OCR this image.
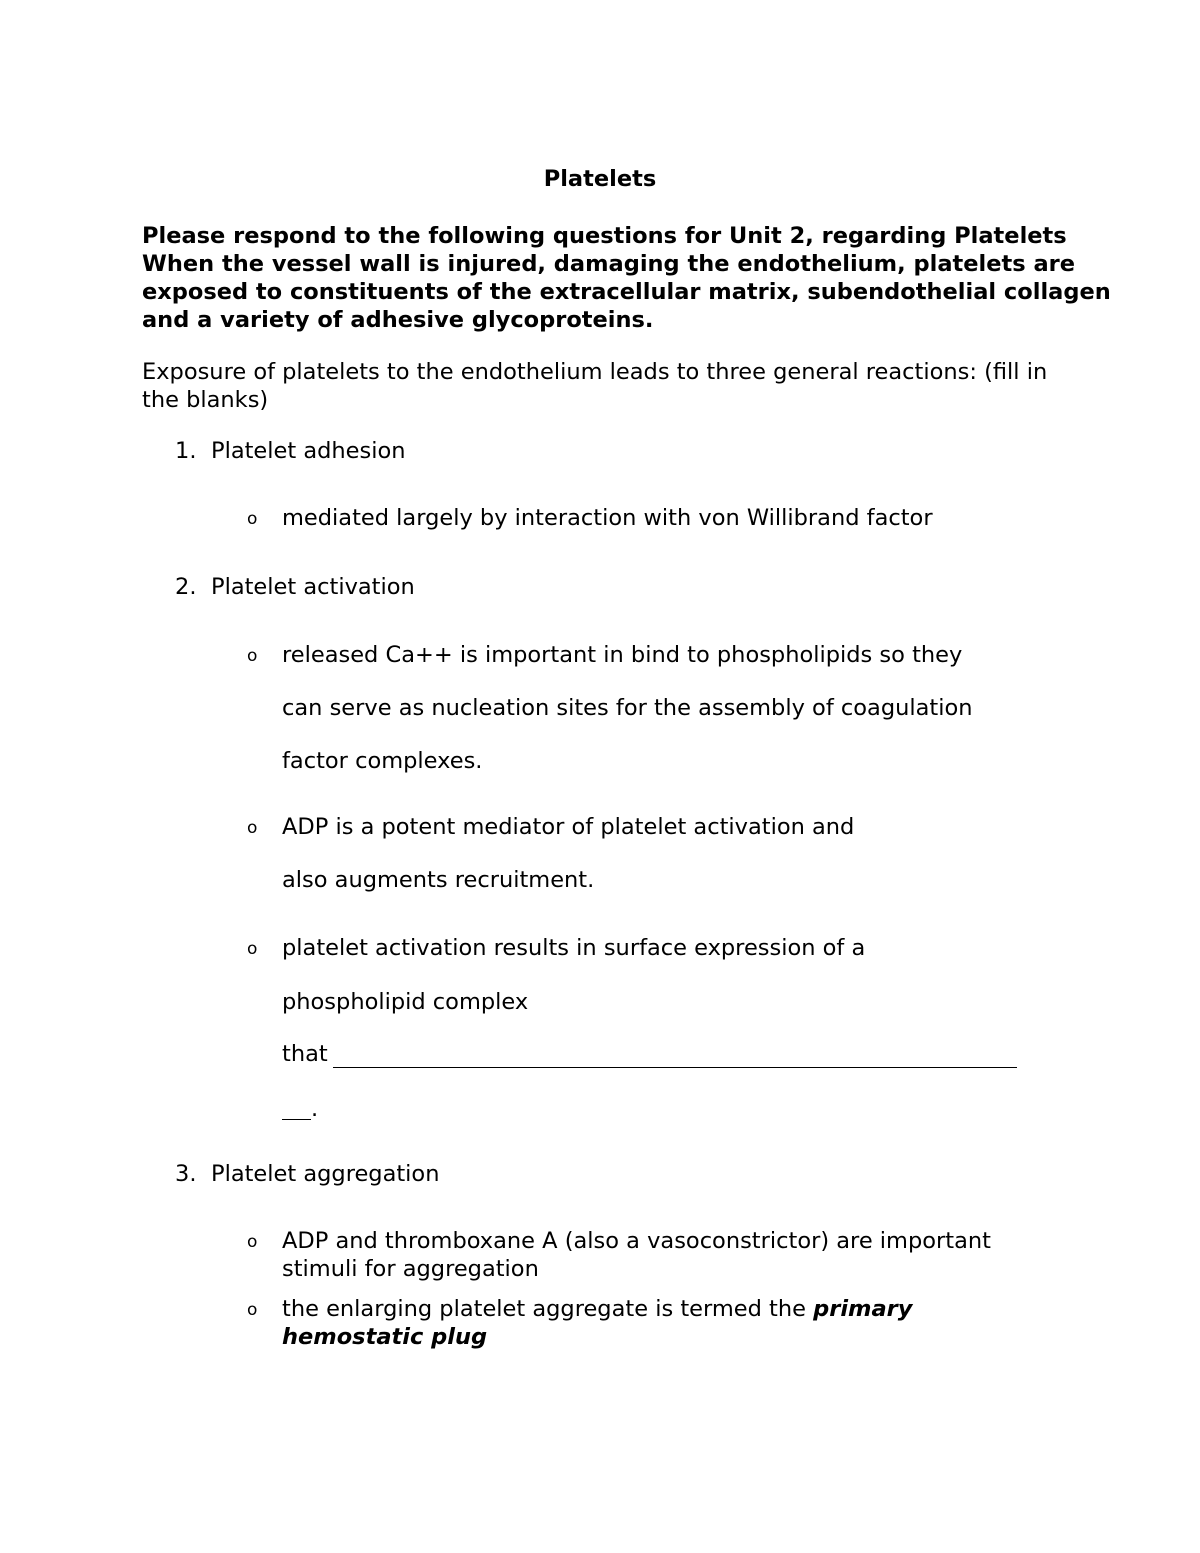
Platelets
Please respond to the following questions for Unit 2, regarding Platelets
When the vessel wall is injured, damaging the endothelium, platelets are
exposed to constituents of the extracellular matrix, subendothelial collagen
and a variety of adhesive glycoproteins.
Exposure of platelets to the endothelium leads to three general reactions: (fill in
the blanks)
1. Platelet adhesion
o mediated largely by interaction with von Willibrand factor
2. Platelet activation
o released Ca++ is important in bind to phospholipids so they
can serve as nucleation sites for the assembly of coagulation
factor complexes.
o ADP is a potent mediator of platelet activation and
also augments recruitment.
o platelet activation results in surface expression of a
phospholipid complex
that
.
3. Platelet aggregation
o ADP and thromboxane A (also a vasoconstrictor) are important
stimuli for aggregation
o the enlarging platelet aggregate is termed the primary
hemostatic plug
